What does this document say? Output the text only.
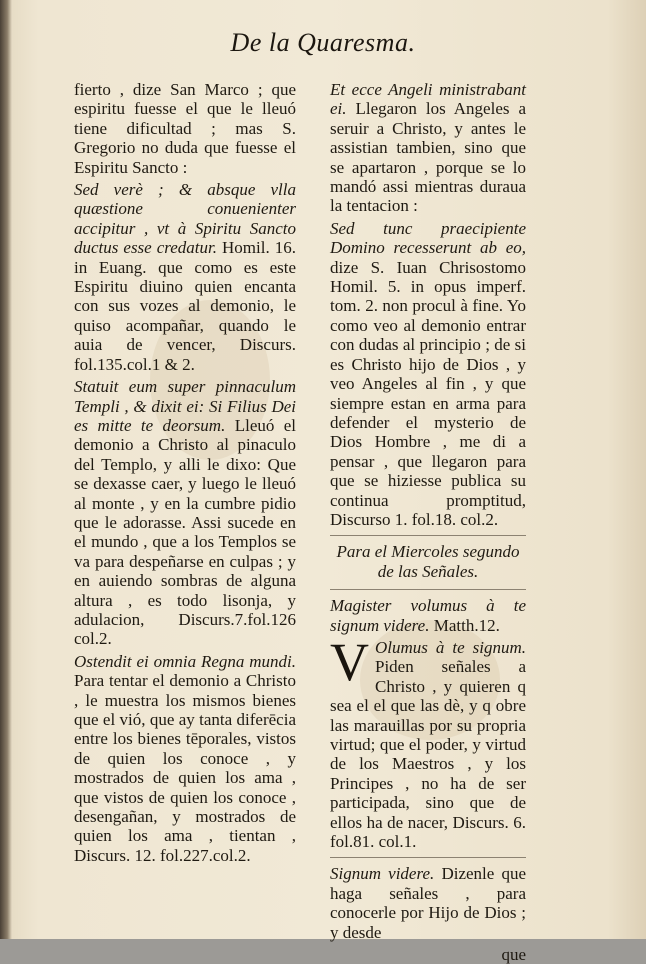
De la Quaresma.

fierto , dize San Marco ; que espiritu fuesse el que le lleuó tiene dificultad ; mas S. Gregorio no duda que fuesse el Espiritu Sancto :

Sed verè ; & absque vlla quæstione conuenienter accipitur , vt à Spiritu Sancto ductus esse credatur. Homil. 16. in Euang. que como es este Espiritu diuino quien encanta con sus vozes al demonio, le quiso acompañar, quando le auia de vencer, Discurs. fol.135.col.1 & 2.

Statuit eum super pinnaculum Templi , & dixit ei: Si Filius Dei es mitte te deorsum. Lleuó el demonio a Christo al pinaculo del Templo, y alli le dixo: Que se dexasse caer, y luego le lleuó al monte , y en la cumbre pidio que le adorasse. Assi sucede en el mundo , que a los Templos se va para despeñarse en culpas ; y en auiendo sombras de alguna altura , es todo lisonja, y adulacion, Discurs.7.fol.126 col.2.

Ostendit ei omnia Regna mundi. Para tentar el demonio a Christo , le muestra los mismos bienes que el vió, que ay tanta diferēcia entre los bienes tēporales, vistos de quien los conoce , y mostrados de quien los ama , que vistos de quien los conoce , desengañan, y mostrados de quien los ama , tientan , Discurs. 12. fol.227.col.2.

Et ecce Angeli ministrabant ei. Llegaron los Angeles a seruir a Christo, y antes le assistian tambien, sino que se apartaron , porque se lo mandó assi mientras duraua la tentacion :

Sed tunc praecipiente Domino recesserunt ab eo, dize S. Iuan Chrisostomo Homil. 5. in opus imperf. tom. 2. non procul à fine. Yo como veo al demonio entrar con dudas al principio ; de si es Christo hijo de Dios , y veo Angeles al fin , y que siempre estan en arma para defender el mysterio de Dios Hombre , me di a pensar , que llegaron para que se hiziesse publica su continua promptitud, Discurso 1. fol.18. col.2.

Para el Miercoles segundo de las Señales.

Magister volumus à te signum videre. Matth.12.

V Olumus à te signum. Piden señales a Christo , y quieren q sea el el que las dè, y q obre las marauillas por su propria virtud; que el poder, y virtud de los Maestros , y los Principes , no ha de ser participada, sino que de ellos ha de nacer, Discurs. 6. fol.81. col.1.

Signum videre. Dizenle que haga señales , para conocerle por Hijo de Dios ; y desde

que
